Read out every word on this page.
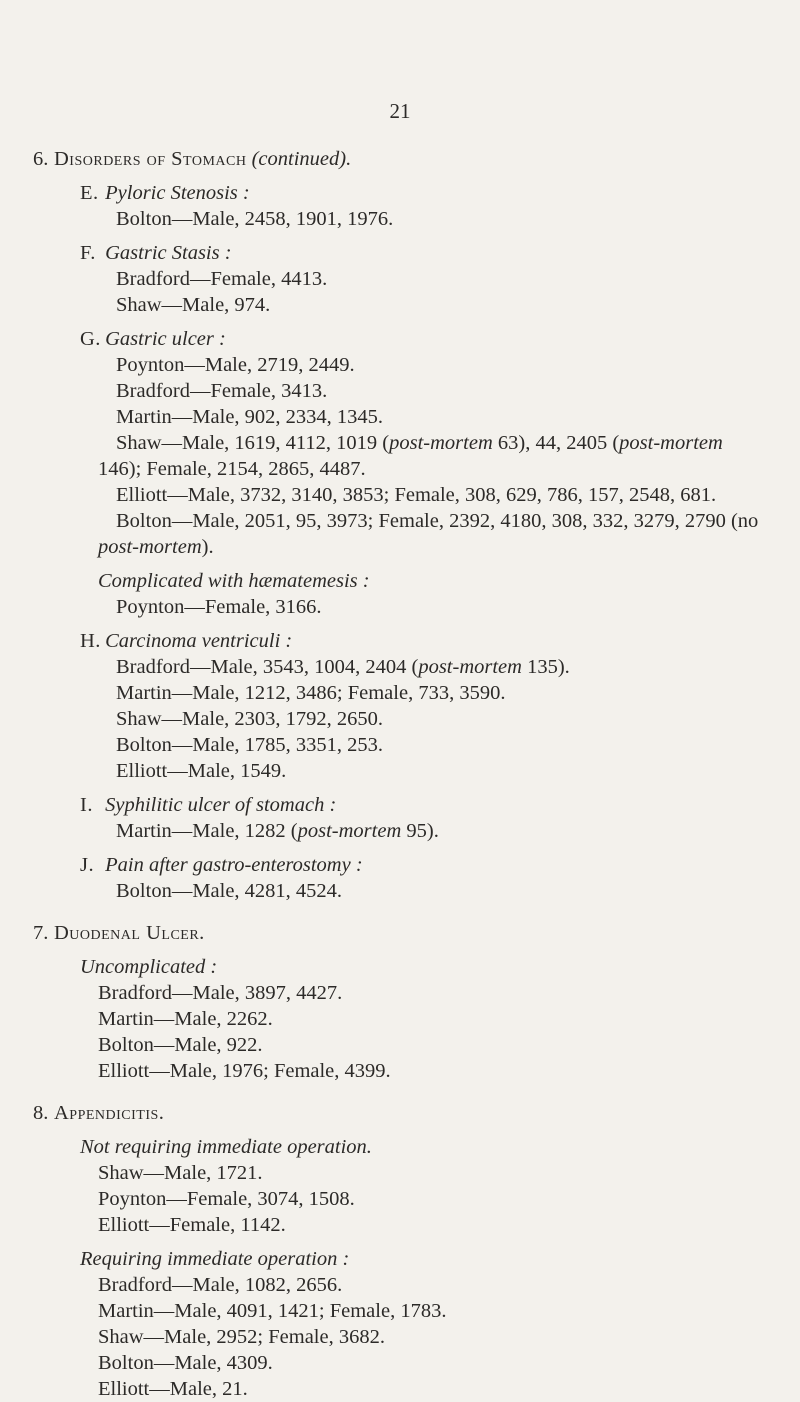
21
6. Disorders of Stomach (continued).
E. Pyloric Stenosis :
Bolton—Male, 2458, 1901, 1976.
F. Gastric Stasis :
Bradford—Female, 4413.
Shaw—Male, 974.
G. Gastric ulcer :
Poynton—Male, 2719, 2449.
Bradford—Female, 3413.
Martin—Male, 902, 2334, 1345.
Shaw—Male, 1619, 4112, 1019 (post-mortem 63), 44, 2405 (post-mortem 146); Female, 2154, 2865, 4487.
Elliott—Male, 3732, 3140, 3853; Female, 308, 629, 786, 157, 2548, 681.
Bolton—Male, 2051, 95, 3973; Female, 2392, 4180, 308, 332, 3279, 2790 (no post-mortem).
Complicated with hæmatemesis :
Poynton—Female, 3166.
H. Carcinoma ventriculi :
Bradford—Male, 3543, 1004, 2404 (post-mortem 135).
Martin—Male, 1212, 3486; Female, 733, 3590.
Shaw—Male, 2303, 1792, 2650.
Bolton—Male, 1785, 3351, 253.
Elliott—Male, 1549.
I. Syphilitic ulcer of stomach :
Martin—Male, 1282 (post-mortem 95).
J. Pain after gastro-enterostomy :
Bolton—Male, 4281, 4524.
7. Duodenal Ulcer.
Uncomplicated :
Bradford—Male, 3897, 4427.
Martin—Male, 2262.
Bolton—Male, 922.
Elliott—Male, 1976; Female, 4399.
8. Appendicitis.
Not requiring immediate operation.
Shaw—Male, 1721.
Poynton—Female, 3074, 1508.
Elliott—Female, 1142.
Requiring immediate operation :
Bradford—Male, 1082, 2656.
Martin—Male, 4091, 1421; Female, 1783.
Shaw—Male, 2952; Female, 3682.
Bolton—Male, 4309.
Elliott—Male, 21.
